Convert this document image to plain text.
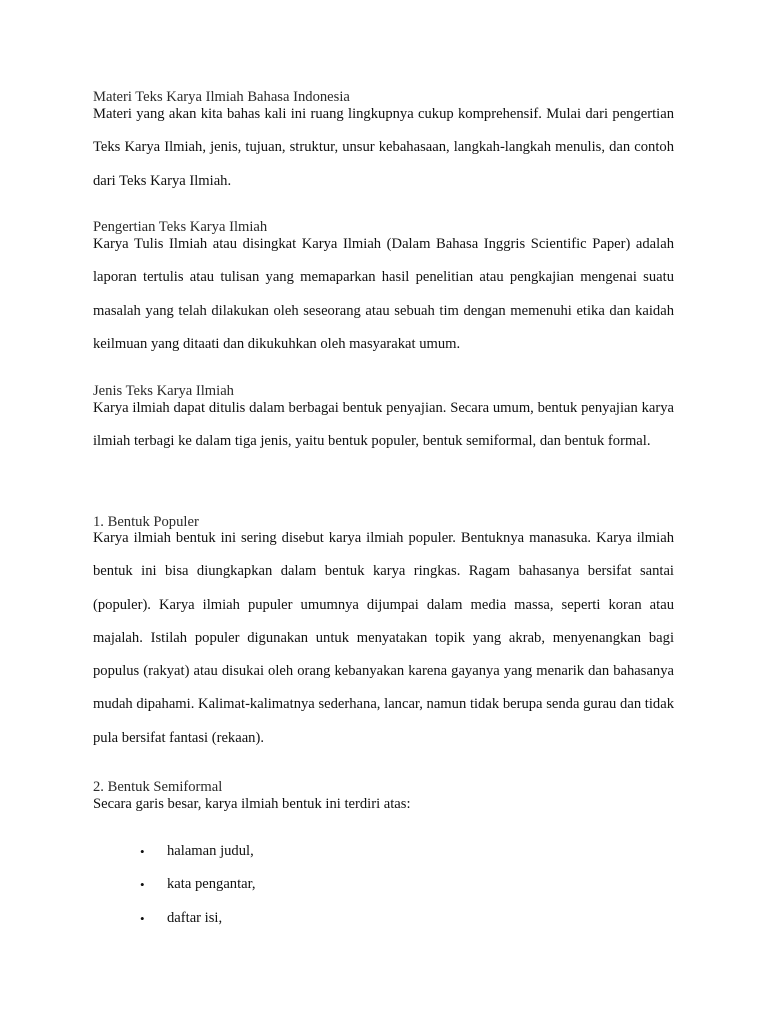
Materi Teks Karya Ilmiah Bahasa Indonesia

Materi yang akan kita bahas kali ini ruang lingkupnya cukup komprehensif. Mulai dari pengertian Teks Karya Ilmiah, jenis, tujuan, struktur, unsur kebahasaan, langkah-langkah menulis, dan contoh dari Teks Karya Ilmiah.

Pengertian Teks Karya Ilmiah

Karya Tulis Ilmiah atau disingkat Karya Ilmiah (Dalam Bahasa Inggris Scientific Paper) adalah laporan tertulis atau tulisan yang memaparkan hasil penelitian atau pengkajian mengenai suatu masalah yang telah dilakukan oleh seseorang atau sebuah tim dengan memenuhi etika dan kaidah keilmuan yang ditaati dan dikukuhkan oleh masyarakat umum.

Jenis Teks Karya Ilmiah

Karya ilmiah dapat ditulis dalam berbagai bentuk penyajian. Secara umum, bentuk penyajian karya ilmiah terbagi ke dalam tiga jenis, yaitu bentuk populer, bentuk semiformal, dan bentuk formal.

1. Bentuk Populer

Karya ilmiah bentuk ini sering disebut karya ilmiah populer. Bentuknya manasuka. Karya ilmiah bentuk ini bisa diungkapkan dalam bentuk karya ringkas. Ragam bahasanya bersifat santai (populer). Karya ilmiah pupuler umumnya dijumpai dalam media massa, seperti koran atau majalah. Istilah populer digunakan untuk menyatakan topik yang akrab, menyenangkan bagi populus (rakyat) atau disukai oleh orang kebanyakan karena gayanya yang menarik dan bahasanya mudah dipahami. Kalimat-kalimatnya sederhana, lancar, namun tidak berupa senda gurau dan tidak pula bersifat fantasi (rekaan).

2. Bentuk Semiformal

Secara garis besar, karya ilmiah bentuk ini terdiri atas:

• halaman judul,
• kata pengantar,
• daftar isi,
